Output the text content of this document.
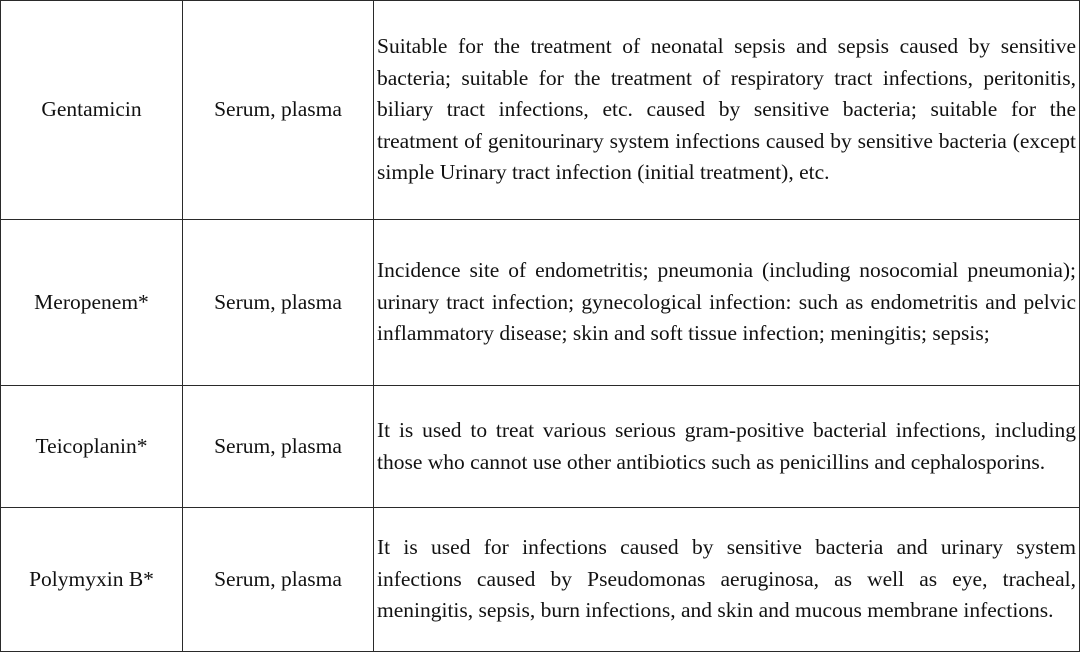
Gentamicin	Serum, plasma	Suitable for the treatment of neonatal sepsis and sepsis caused by sensitive bacteria; suitable for the treatment of respiratory tract infections, peritonitis, biliary tract infections, etc. caused by sensitive bacteria; suitable for the treatment of genitourinary system infections caused by sensitive bacteria (except simple Urinary tract infection (initial treatment), etc.
Meropenem*	Serum, plasma	Incidence site of endometritis; pneumonia (including nosocomial pneumonia); urinary tract infection; gynecological infection: such as endometritis and pelvic inflammatory disease; skin and soft tissue infection; meningitis; sepsis;
Teicoplanin*	Serum, plasma	It is used to treat various serious gram-positive bacterial infections, including those who cannot use other antibiotics such as penicillins and cephalosporins.
Polymyxin B*	Serum, plasma	It is used for infections caused by sensitive bacteria and urinary system infections caused by Pseudomonas aeruginosa, as well as eye, tracheal, meningitis, sepsis, burn infections, and skin and mucous membrane infections.
